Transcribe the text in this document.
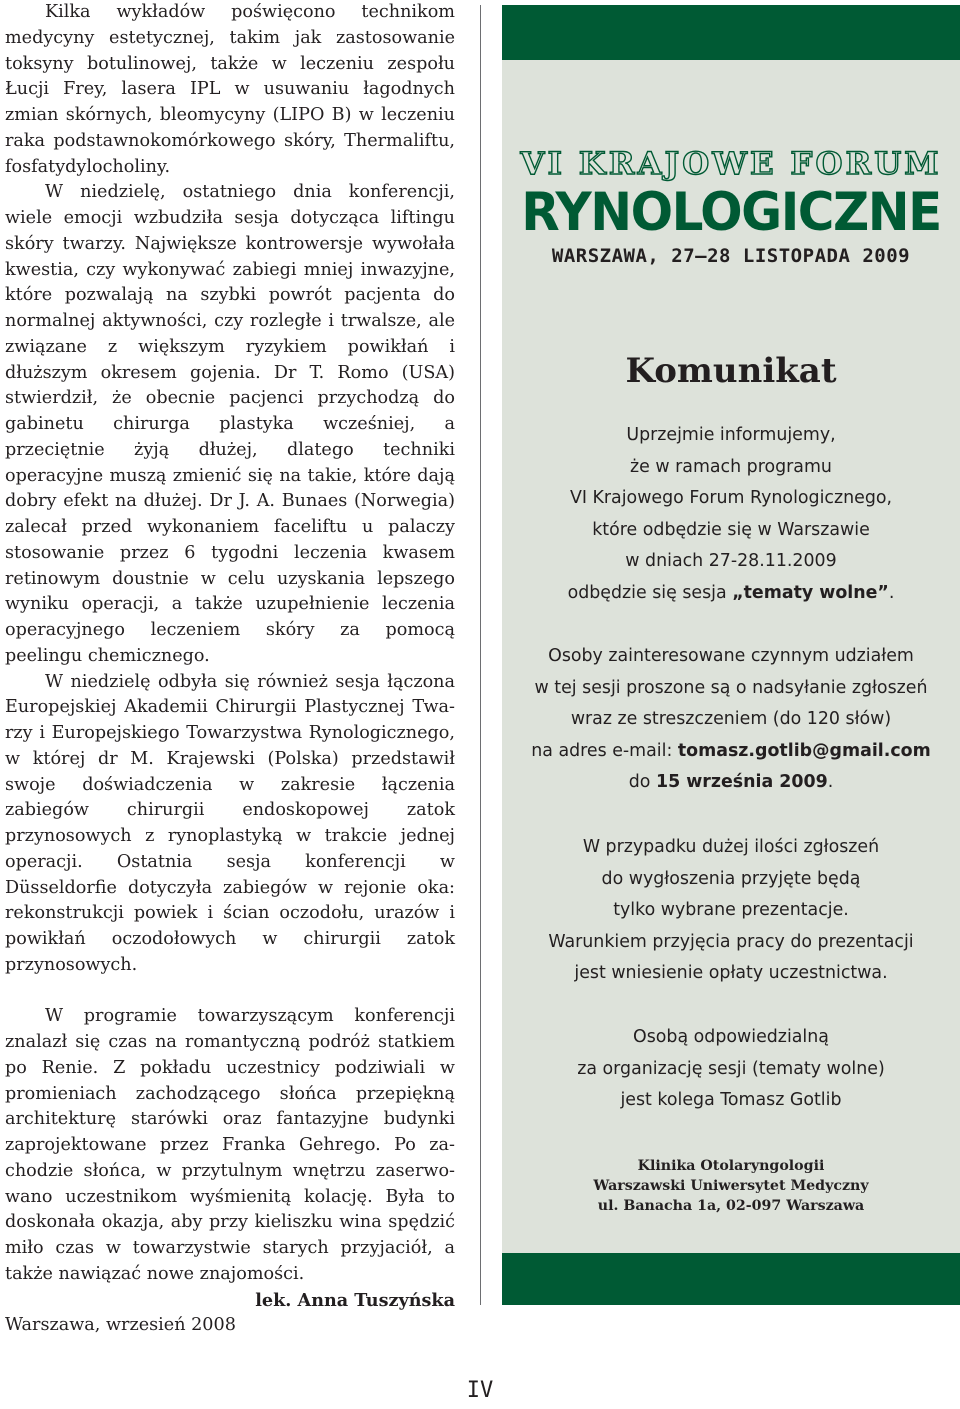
Kilka wykładów poświęcono technikom medycyny estetycznej, takim jak zastosowanie toksyny botulinowej, także w leczeniu zespołu Łucji Frey, lasera IPL w usuwaniu łagodnych zmian skórnych, bleomycyny (LIPO B) w leczeniu raka podstawnokomórkowego skóry, Thermaliftu, fosfatydylocholiny.

W niedzielę, ostatniego dnia konferencji, wiele emocji wzbudziła sesja dotycząca liftingu skóry twarzy. Największe kontrowersje wywołała kwestia, czy wykonywać zabiegi mniej inwazyjne, które pozwalają na szybki powrót pacjenta do normalnej aktywności, czy rozległe i trwalsze, ale związane z większym ryzykiem powikłań i dłuższym okresem gojenia. Dr T. Romo (USA) stwierdził, że obecnie pacjenci przychodzą do gabinetu chirurga plastyka wcześniej, a przeciętnie żyją dłużej, dlatego techniki operacyjne muszą zmienić się na takie, które dają dobry efekt na dłużej. Dr J. A. Bunaes (Norwegia) zalecał przed wykonaniem faceliftu u palaczy stosowanie przez 6 tygodni leczenia kwasem retinowym doustnie w celu uzyskania lepszego wyniku operacji, a także uzupełnienie leczenia operacyjnego leczeniem skóry za pomocą peelingu chemicznego.

W niedzielę odbyła się również sesja łączona Europejskiej Akademii Chirurgii Plastycznej Twarzy i Europejskiego Towarzystwa Rynologicznego, w której dr M. Krajewski (Polska) przedstawił swoje doświadczenia w zakresie łączenia zabiegów chirurgii endoskopowej zatok przynosowych z rynoplastyką w trakcie jednej operacji. Ostatnia sesja konferencji w Düsseldorfie dotyczyła zabiegów w rejonie oka: rekonstrukcji powiek i ścian oczodołu, urazów i powikłań oczodołowych w chirurgii zatok przynosowych.

W programie towarzyszącym konferencji znalazł się czas na romantyczną podróż statkiem po Renie. Z pokładu uczestnicy podziwiali w promieniach zachodzącego słońca przepiękną architekturę starówki oraz fantazyjne budynki zaprojektowane przez Franka Gehrego. Po zachodzie słońca, w przytulnym wnętrzu zaserwowano uczestnikom wyśmienitą kolację. Była to doskonała okazja, aby przy kieliszku wina spędzić miło czas w towarzystwie starych przyjaciół, a także nawiązać nowe znajomości.

lek. Anna Tuszyńska

Warszawa, wrzesień 2008
IV
VI KRAJOWE FORUM
RYNOLOGICZNE
WARSZAWA, 27–28 LISTOPADA 2009
Komunikat
Uprzejmie informujemy,
że w ramach programu
VI Krajowego Forum Rynologicznego,
które odbędzie się w Warszawie
w dniach 27-28.11.2009
odbędzie się sesja „tematy wolne”.
Osoby zainteresowane czynnym udziałem
w tej sesji proszone są o nadsyłanie zgłoszeń
wraz ze streszczeniem (do 120 słów)
na adres e-mail: tomasz.gotlib@gmail.com
do 15 września 2009.
W przypadku dużej ilości zgłoszeń
do wygłoszenia przyjęte będą
tylko wybrane prezentacje.
Warunkiem przyjęcia pracy do prezentacji
jest wniesienie opłaty uczestnictwa.
Osobą odpowiedzialną
za organizację sesji (tematy wolne)
jest kolega Tomasz Gotlib
Klinika Otolaryngologii
Warszawski Uniwersytet Medyczny
ul. Banacha 1a, 02-097 Warszawa
